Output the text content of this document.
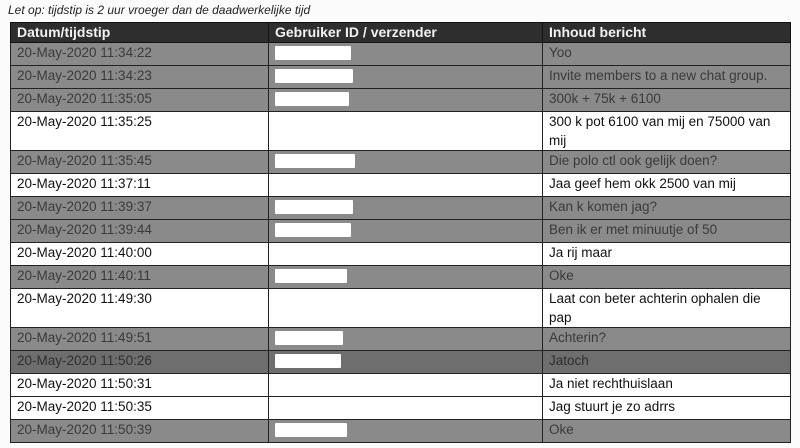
Let op: tijdstip is 2 uur vroeger dan de daadwerkelijke tijd
Datum/tijdstip	Gebruiker ID / verzender	Inhoud bericht
20-May-2020 11:34:22		Yoo
20-May-2020 11:34:23		Invite members to a new chat group.
20-May-2020 11:35:05		300k + 75k + 6100
20-May-2020 11:35:25		300 k pot 6100 van mij en 75000 van mij
20-May-2020 11:35:45		Die polo ctl ook gelijk doen?
20-May-2020 11:37:11		Jaa geef hem okk 2500 van mij
20-May-2020 11:39:37		Kan k komen jag?
20-May-2020 11:39:44		Ben ik er met minuutje of 50
20-May-2020 11:40:00		Ja rij maar
20-May-2020 11:40:11		Oke
20-May-2020 11:49:30		Laat con beter achterin ophalen die pap
20-May-2020 11:49:51		Achterin?
20-May-2020 11:50:26		Jatoch
20-May-2020 11:50:31		Ja niet rechthuislaan
20-May-2020 11:50:35		Jag stuurt je zo adrrs
20-May-2020 11:50:39		Oke
